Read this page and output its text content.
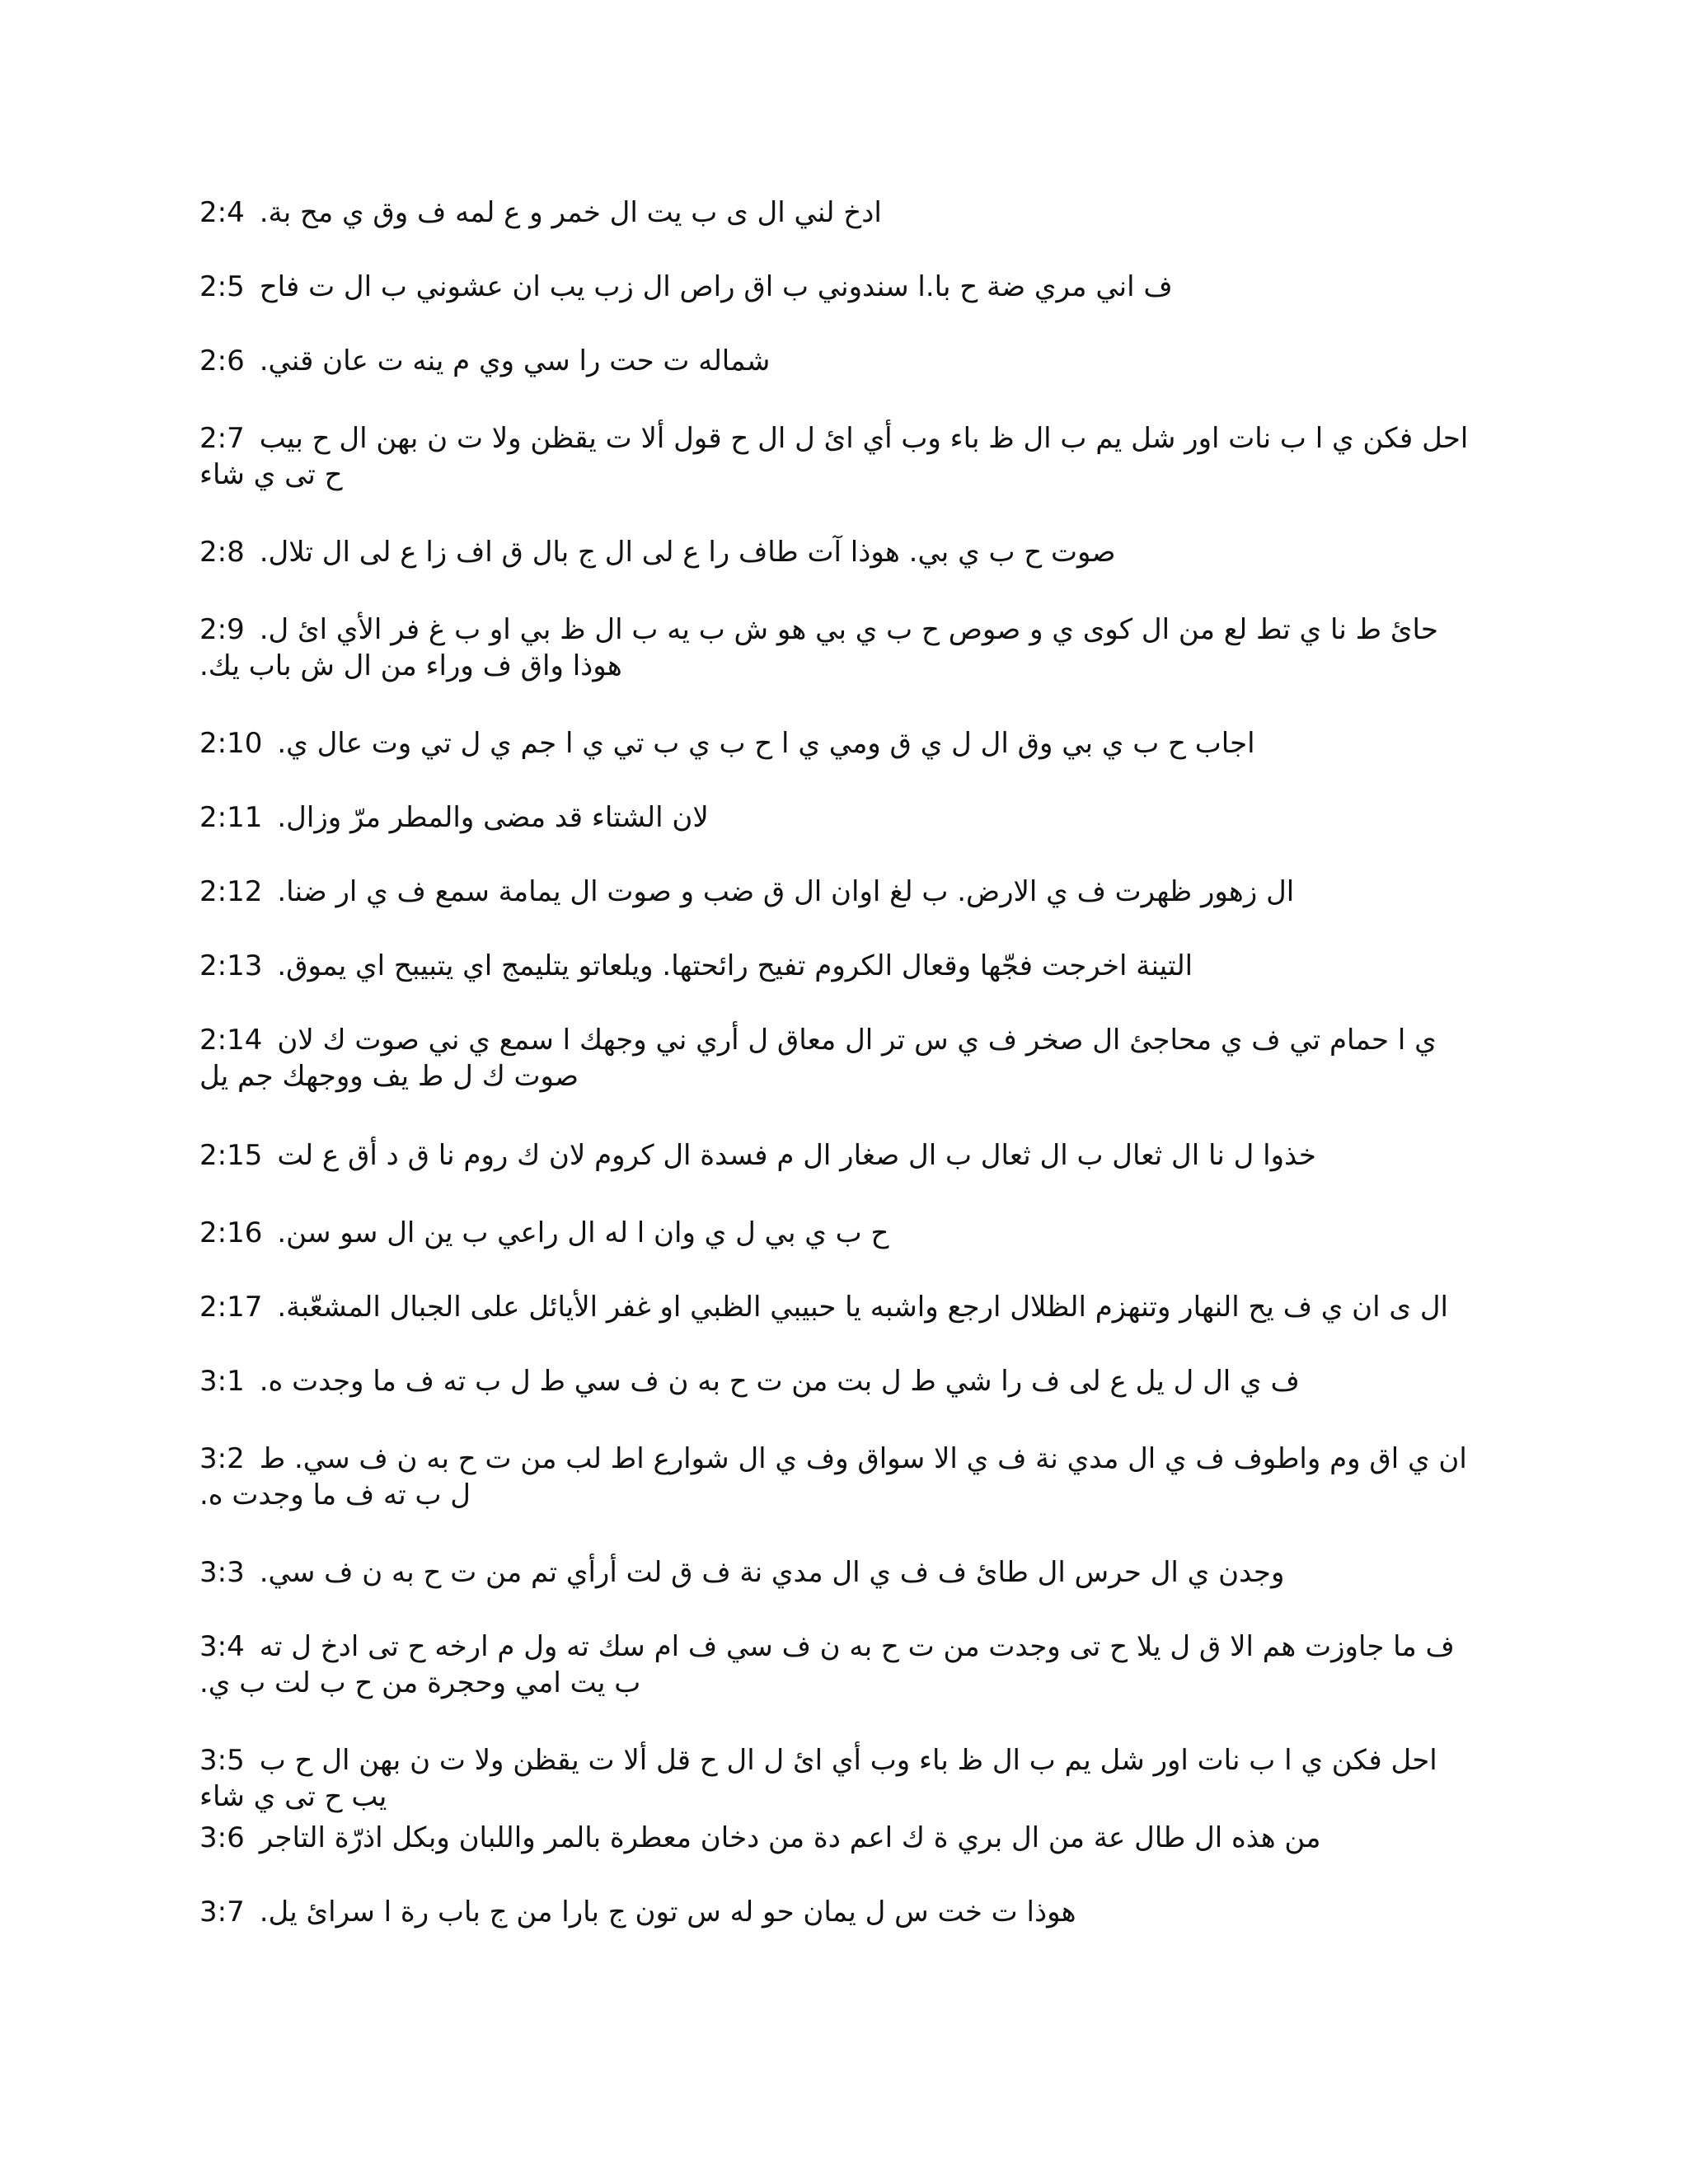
2:4 ادخ لني ال ى ب يت ال خمر و ع لمه ف وق ي مح بة.
2:5 ف اني مري ضة ح با.ا سندوني ب اق راص ال زب يب ان عشوني ب ال ت فاح
2:6 شماله ت حت را سي وي م ينه ت عان قني.
2:7 احل فكن ي ا ب نات اور شل يم ب ال ظ باء وب أي ائ ل ال ح قول ألا ت يقظن ولا ت ن بهن ال ح بيب ح تى ي شاء
2:8 صوت ح ب ي بي. هوذا آت طاف را ع لى ال ج بال ق اف زا ع لى ال تلال.
2:9 حائ ط نا ي تط لع من ال كوى ي و صوص ح ب ي بي هو ش ب يه ب ال ظ بي او ب غ فر الأي ائ ل. هوذا واق ف وراء من ال ش باب يك.
2:10 اجاب ح ب ي بي وق ال ل ي ق ومي ي ا ح ب ي ب تي ي ا جم ي ل تي وت عال ي.
2:11 لان الشتاء قد مضى والمطر مرّ وزال.
2:12 ال زهور ظهرت ف ي الارض. ب لغ اوان ال ق ضب و صوت ال يمامة سمع ف ي ار ضنا.
2:13 التينة اخرجت فجّها وقعال الكروم تفيح رائحتها. ويلعاتو يتليمج اي يتبيبح اي يموق.
2:14 ي ا حمام تي ف ي محاجئ ال صخر ف ي س تر ال معاق ل أري ني وجهك ا سمع ي ني صوت ك لان صوت ك ل ط يف ووجهك جم يل
2:15 خذوا ل نا ال ثعال ب ال ثعال ب ال صغار ال م فسدة ال كروم لان ك روم نا ق د أق ع لت
2:16 ح ب ي بي ل ي وان ا له ال راعي ب ين ال سو سن.
2:17 ال ى ان ي ف يح النهار وتنهزم الظلال ارجع واشبه يا حبيبي الظبي او غفر الأيائل على الجبال المشعّبة.
3:1 ف ي ال ل يل ع لى ف را شي ط ل بت من ت ح به ن ف سي ط ل ب ته ف ما وجدت ه.
3:2 ان ي اق وم واطوف ف ي ال مدي نة ف ي الا سواق وف ي ال شوارع اط لب من ت ح به ن ف سي. ط ل ب ته ف ما وجدت ه.
3:3 وجدن ي ال حرس ال طائ ف ف ي ال مدي نة ف ق لت أرأي تم من ت ح به ن ف سي.
3:4 ف ما جاوزت هم الا ق ل يلا ح تى وجدت من ت ح به ن ف سي ف ام سك ته ول م ارخه ح تى ادخ ل ته ب يت امي وحجرة من ح ب لت ب ي.
3:5 احل فكن ي ا ب نات اور شل يم ب ال ظ باء وب أي ائ ل ال ح قل ألا ت يقظن ولا ت ن بهن ال ح ب يب ح تى ي شاء
3:6 من هذه ال طال عة من ال بري ة ك اعم دة من دخان معطرة بالمر واللبان وبكل اذرّة التاجر
3:7 هوذا ت خت س ل يمان حو له س تون ج بارا من ج باب رة ا سرائ يل.
